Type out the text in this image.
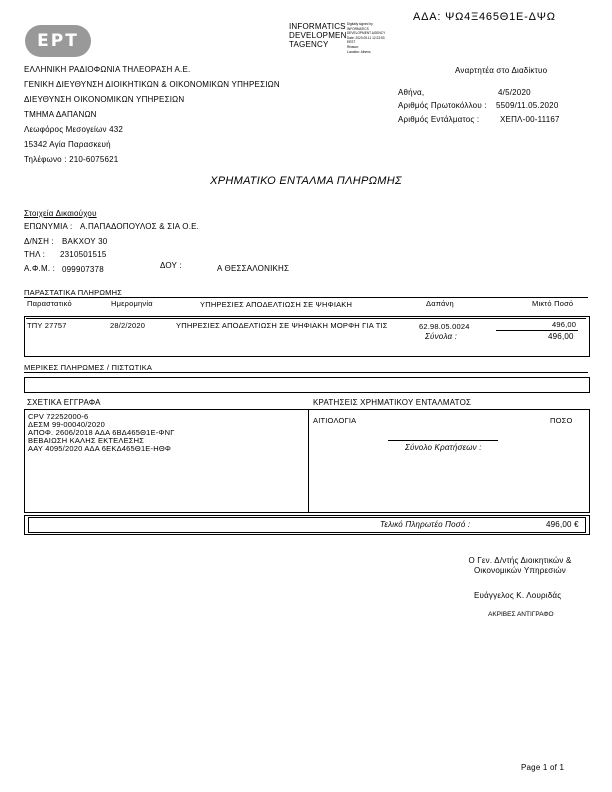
ΕΡΤ
INFORMATICS
DEVELOPMEN
TAGENCY
Digitally signed by
INFORMATICS
DEVELOPMENT AGENCY
Date: 2020.05.11 12:23:53
EEST
Reason:
Location: Athens
ΑΔΑ: ΨΩ4Ξ465Θ1Ε-ΔΨΩ
ΕΛΛΗΝΙΚΗ ΡΑΔΙΟΦΩΝΙΑ ΤΗΛΕΟΡΑΣΗ Α.Ε.
ΓΕΝΙΚΗ ΔΙΕΥΘΥΝΣΗ ΔΙΟΙΚΗΤΙΚΩΝ & ΟΙΚΟΝΟΜΙΚΩΝ ΥΠΗΡΕΣΙΩΝ
ΔΙΕΥΘΥΝΣΗ ΟΙΚΟΝΟΜΙΚΩΝ ΥΠΗΡΕΣΙΩΝ
ΤΜΗΜΑ ΔΑΠΑΝΩΝ
Λεωφόρος Μεσογείων 432
15342 Αγία Παρασκευή
Τηλέφωνο : 210-6075621
Αναρτητέα στο Διαδίκτυο
Αθήνα,	4/5/2020
Αριθμός Πρωτοκόλλου : 5509/11.05.2020
Αριθμός Εντάλματος :	ΧΕΠΛ-00-11167
ΧΡΗΜΑΤΙΚΟ ΕΝΤΑΛΜΑ ΠΛΗΡΩΜΗΣ
Στοιχεία Δικαιούχου
ΕΠΩΝΥΜΙΑ : Α.ΠΑΠΑΔΟΠΟΥΛΟΣ & ΣΙΑ Ο.Ε.
Δ/ΝΣΗ : ΒΑΚΧΟΥ 30
ΤΗΛ : 2310501515
Α.Φ.Μ. : 099907378	ΔΟΥ :	Α ΘΕΣΣΑΛΟΝΙΚΗΣ
ΠΑΡΑΣΤΑΤΙΚΑ ΠΛΗΡΩΜΗΣ
Παραστατικό	Ημερομηνία	ΥΠΗΡΕΣΙΕΣ ΑΠΟΔΕΛΤΙΩΣΗ ΣΕ ΨΗΦΙΑΚΗ	Δαπάνη	Μικτό Ποσό
ΤΠΥ 27757	28/2/2020	ΥΠΗΡΕΣΙΕΣ ΑΠΟΔΕΛΤΙΩΣΗ ΣΕ ΨΗΦΙΑΚΗ ΜΟΡΦΗ ΓΙΑ ΤΙΣ	62.98.05.0024	496,00
Σύνολα :	496,00
ΜΕΡΙΚΕΣ ΠΛΗΡΩΜΕΣ / ΠΙΣΤΩΤΙΚΑ
ΣΧΕΤΙΚΑ ΕΓΓΡΑΦΑ	ΚΡΑΤΗΣΕΙΣ ΧΡΗΜΑΤΙΚΟΥ ΕΝΤΑΛΜΑΤΟΣ
CPV 72252000-6
ΔΕΣΜ 99-00040/2020
ΑΠΟΦ. 2606/2018 ΑΔΑ 6ΒΔ465Θ1Ε-ΦΝΓ
ΒΕΒΑΙΩΣΗ ΚΑΛΗΣ ΕΚΤΕΛΕΣΗΣ
ΑΑΥ 4095/2020 ΑΔΑ 6ΕΚΔ465Θ1Ε-ΗΘΦ
ΑΙΤΙΟΛΟΓΙΑ	ΠΟΣΟ
Σύνολο Κρατήσεων :
Τελικό Πληρωτέο Ποσό :	496,00 €
Ο Γεν. Δ/ντής Διοικητικών &
Οικονομικών Υπηρεσιών
Ευάγγελος Κ. Λουριδάς
ΑΚΡΙΒΕΣ ΑΝΤΙΓΡΑΦΟ
Page 1 of 1
